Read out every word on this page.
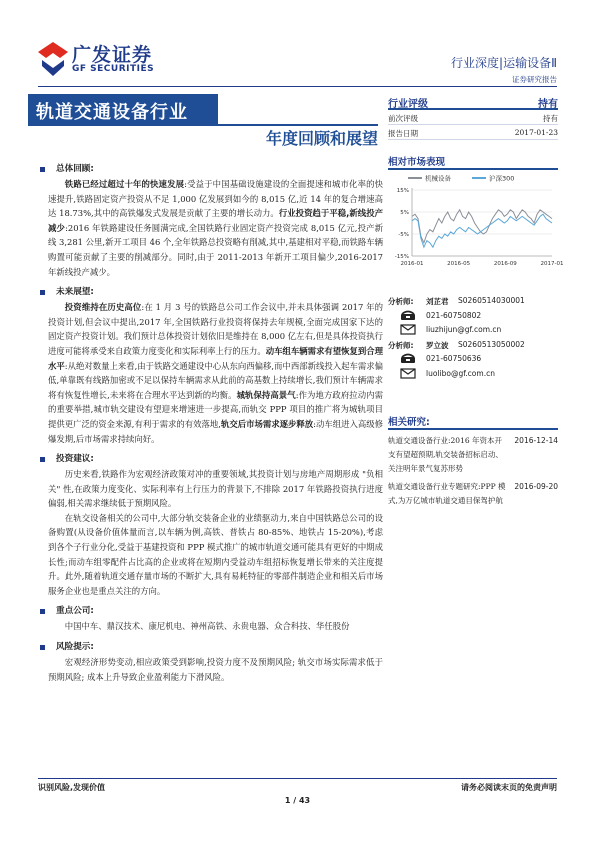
广发证券
GF SECURITIES	行业深度|运输设备Ⅱ
证券研究报告
轨道交通设备行业
年度回顾和展望
总体回顾:
铁路已经过超过十年的快速发展:受益于中国基础设施建设的全面提速和城市化率的快速提升,铁路固定资产投资从不足 1,000 亿发展到如今的 8,015 亿,近 14 年的复合增速高达 18.73%,其中的高铁爆发式发展是贡献了主要的增长动力。行业投资趋于平稳,新线投产减少:2016 年铁路建设任务圆满完成,全国铁路行业固定资产投资完成 8,015 亿元,投产新线 3,281 公里,新开工项目 46 个,全年铁路总投资略有削减,其中,基建相对平稳,而铁路车辆购置可能贡献了主要的削减部分。同时,由于 2011-2013 年新开工项目偏少,2016-2017 年新线投产减少。
未来展望:
投资维持在历史高位:在 1 月 3 号的铁路总公司工作会议中,并未具体强调 2017 年的投资计划,但会议中提出,2017 年,全国铁路行业投资将保持去年规模,全面完成国家下达的固定资产投资计划。我们预计总体投资计划依旧是维持在 8,000 亿左右,但是具体投资执行进度可能将承受来自政策力度变化和实际利率上行的压力。动车组车辆需求有望恢复到合理水平:从绝对数量上来看,由于铁路交通建设中心从东向西偏移,而中西部新线投入起车需求偏低,单靠既有线路加密或不足以保持车辆需求从此前的高基数上持续增长,我们预计车辆需求将有恢复性增长,未来将在合理水平达到新的均衡。城轨保持高景气:作为地方政府拉动内需的重要举措,城市轨交建设有望迎来增速进一步提高,而轨交 PPP 项目的推广将为城轨项目提供更广泛的资金来源,有利于需求的有效落地,轨交后市场需求逐步释放:动车组进入高级修爆发期,后市场需求持续向好。
投资建议:
历史来看,铁路作为宏观经济政策对冲的重要领域,其投资计划与房地产周期形成 "负相关" 性,在政策力度变化、实际利率有上行压力的背景下,不排除 2017 年铁路投资执行进度偏弱,相关需求继续低于预期风险。
在轨交设备相关的公司中,大部分轨交装备企业的业绩驱动力,来自中国铁路总公司的设备购置(从设备价值体量而言,以车辆为例,高铁、普铁占 80-85%、地铁占 15-20%),考虑到各个子行业分化,受益于基建投资和 PPP 模式推广的城市轨道交通可能具有更好的中期成长性;而动车组零配件占比高的企业或将在短期内受益动车组招标恢复增长带来的关注度提升。此外,随着轨道交通存量市场的不断扩大,具有易耗特征的零部件制造企业和相关后市场服务企业也是重点关注的方向。
重点公司:
中国中车、鼎汉技术、康尼机电、神州高铁、永贵电器、众合科技、华任股份
风险提示:
宏观经济形势变动,相应政策受到影响,投资力度不及预期风险; 轨交市场实际需求低于预期风险; 成本上升导致企业盈利能力下滑风险。
行业评级	持有
前次评级	持有
报告日期	2017-01-23
相对市场表现
机械设备	沪深300
15%
5%
-5%
-15%
2016-01	2016-05	2016-09	2017-01
分析师: 刘芷君 S0260514030001
021-60750802
liuzhijun@gf.com.cn
分析师: 罗立波 S0260513050002
021-60750636
luolibo@gf.com.cn
相关研究:
轨道交通设备行业:2016 年资本开支有望超预期,轨交装备招标启动、关注明年景气复苏形势
2016-12-14
轨道交通设备行业专题研究:PPP 模式,为万亿城市轨道交通目保驾护航
2016-09-20
识别风险,发现价值	请务必阅读末页的免责声明
1 / 43
